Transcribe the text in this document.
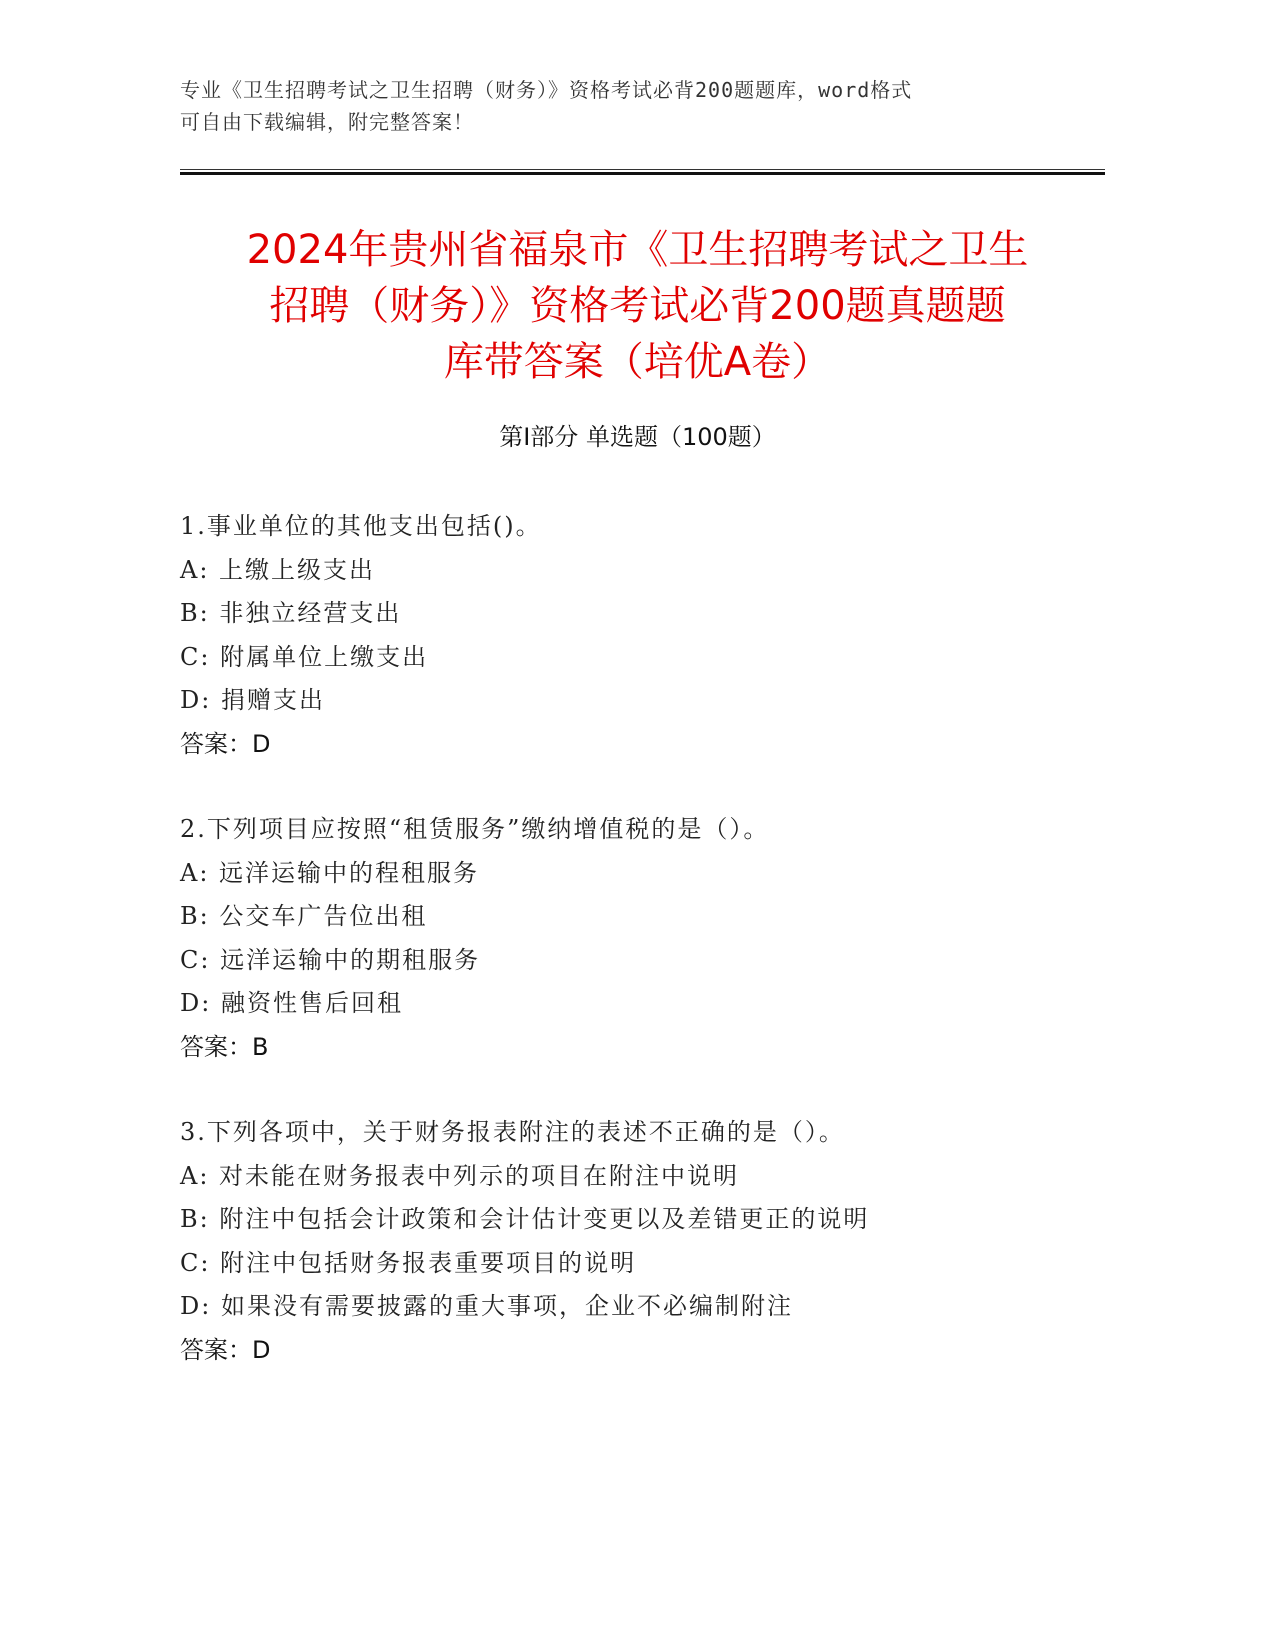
专业《卫生招聘考试之卫生招聘（财务）》资格考试必背200题题库，word格式
可自由下载编辑，附完整答案！
2024年贵州省福泉市《卫生招聘考试之卫生
招聘（财务）》资格考试必背200题真题题
库带答案（培优A卷）
第I部分 单选题（100题）
1.事业单位的其他支出包括()。
A: 上缴上级支出
B: 非独立经营支出
C: 附属单位上缴支出
D: 捐赠支出
答案：D
2.下列项目应按照“租赁服务”缴纳增值税的是（）。
A: 远洋运输中的程租服务
B: 公交车广告位出租
C: 远洋运输中的期租服务
D: 融资性售后回租
答案：B
3.下列各项中，关于财务报表附注的表述不正确的是（）。
A: 对未能在财务报表中列示的项目在附注中说明
B: 附注中包括会计政策和会计估计变更以及差错更正的说明
C: 附注中包括财务报表重要项目的说明
D: 如果没有需要披露的重大事项，企业不必编制附注
答案：D
